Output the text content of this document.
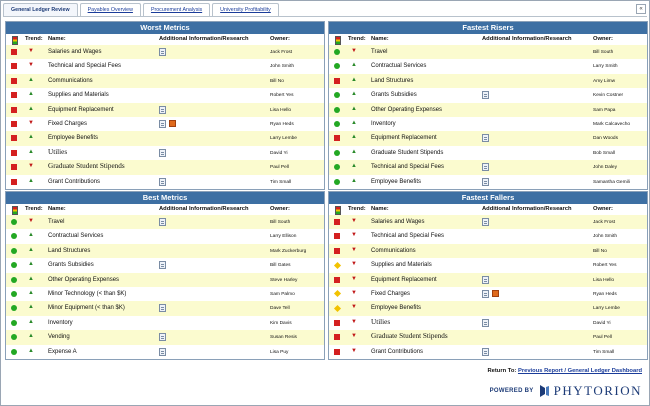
General Ledger Review	Payables Overview	Procurement Analysis	University Profitability	«
Worst Metrics
Trend: Name:	Additional Information/Research	Owner:
▼ Salaries and Wages	Jack Frost
▼ Technical and Special Fees	John Smith
▲ Communications	Bill No
▲ Supplies and Materials	Robert Yes
▲ Equipment Replacement	Lisa Hello
▼ Fixed Charges	Ryan Heds
▲ Employee Benefits	Larry Lembe
▲ Utilies	David Yi
▼ Graduate Student Stipends	Paul Pell
▲ Grant Contributions	Tim Small
Fastest Risers
Trend: Name:	Additional Information/Research	Owner:
▼ Travel	Bill South
▲ Contractual Services	Larry Smith
▲ Land Structures	Amy Limw
▲ Grants Subsidies	Kevin Costner
▲ Other Operating Expenses	Sam Papa
▲ Inventory	Mark Calcavecho
▲ Equipment Replacement	Dan Woods
▲ Graduate Student Stipends	Bob Small
▲ Technical and Special Fees	John Daley
▲ Employee Benefits	Samantha Gemili
Best Metrics
Trend: Name:	Additional Information/Research	Owner:
▼ Travel	Bill South
▲ Contractual Services	Larry Ellison
▲ Land Structures	Mark Zuckerburg
▲ Grants Subsidies	Bill Gates
▲ Other Operating Expenses	Steve Harley
▲ Minor Technology (< than $K)	Sam Palmo
▲ Minor Equipment (< than $K)	Dave Tell
▲ Inventory	Kim Davis
▲ Vending	Susan Resis
▲ Expense A	Lisa Puy
Fastest Fallers
Trend: Name:	Additional Information/Research	Owner:
▼ Salaries and Wages	Jack Frost
▼ Technical and Special Fees	John Smith
▼ Communications	Bill No
▼ Supplies and Materials	Robert Yes
▼ Equipment Replacement	Lisa Hello
▼ Fixed Charges	Ryan Heds
▼ Employee Benefits	Larry Lembe
▼ Utilies	David Yi
▼ Graduate Student Stipends	Paul Pell
▼ Grant Contributions	Tim Small
Return To: Previous Report / General Ledger Dashboard
POWERED BY PHYTORION
